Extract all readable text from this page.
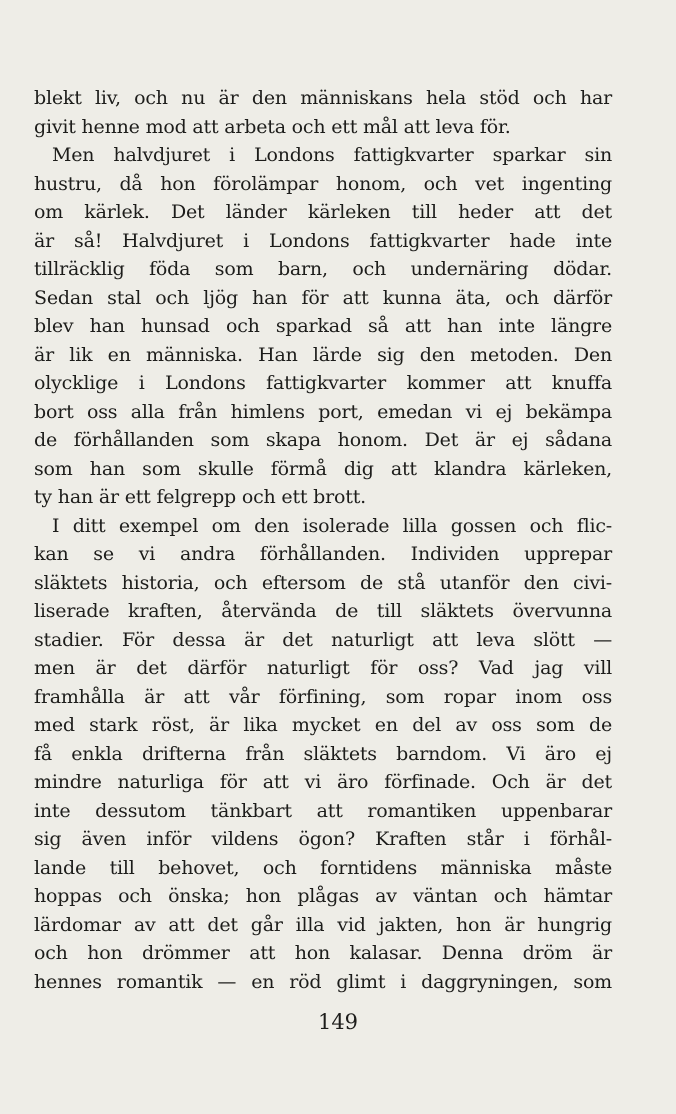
blekt liv, och nu är den människans hela stöd och har
givit henne mod att arbeta och ett mål att leva för.
Men halvdjuret i Londons fattigkvarter sparkar sin
hustru, då hon förolämpar honom, och vet ingenting
om kärlek. Det länder kärleken till heder att det
är så! Halvdjuret i Londons fattigkvarter hade inte
tillräcklig föda som barn, och undernäring dödar.
Sedan stal och ljög han för att kunna äta, och därför
blev han hunsad och sparkad så att han inte längre
är lik en människa. Han lärde sig den metoden. Den
olycklige i Londons fattigkvarter kommer att knuffa
bort oss alla från himlens port, emedan vi ej bekämpa
de förhållanden som skapa honom. Det är ej sådana
som han som skulle förmå dig att klandra kärleken,
ty han är ett felgrepp och ett brott.
I ditt exempel om den isolerade lilla gossen och flic-
kan se vi andra förhållanden. Individen upprepar
släktets historia, och eftersom de stå utanför den civi-
liserade kraften, återvända de till släktets övervunna
stadier. För dessa är det naturligt att leva slött —
men är det därför naturligt för oss? Vad jag vill
framhålla är att vår förfining, som ropar inom oss
med stark röst, är lika mycket en del av oss som de
få enkla drifterna från släktets barndom. Vi äro ej
mindre naturliga för att vi äro förfinade. Och är det
inte dessutom tänkbart att romantiken uppenbarar
sig även inför vildens ögon? Kraften står i förhål-
lande till behovet, och forntidens människa måste
hoppas och önska; hon plågas av väntan och hämtar
lärdomar av att det går illa vid jakten, hon är hungrig
och hon drömmer att hon kalasar. Denna dröm är
hennes romantik — en röd glimt i daggryningen, som
149
